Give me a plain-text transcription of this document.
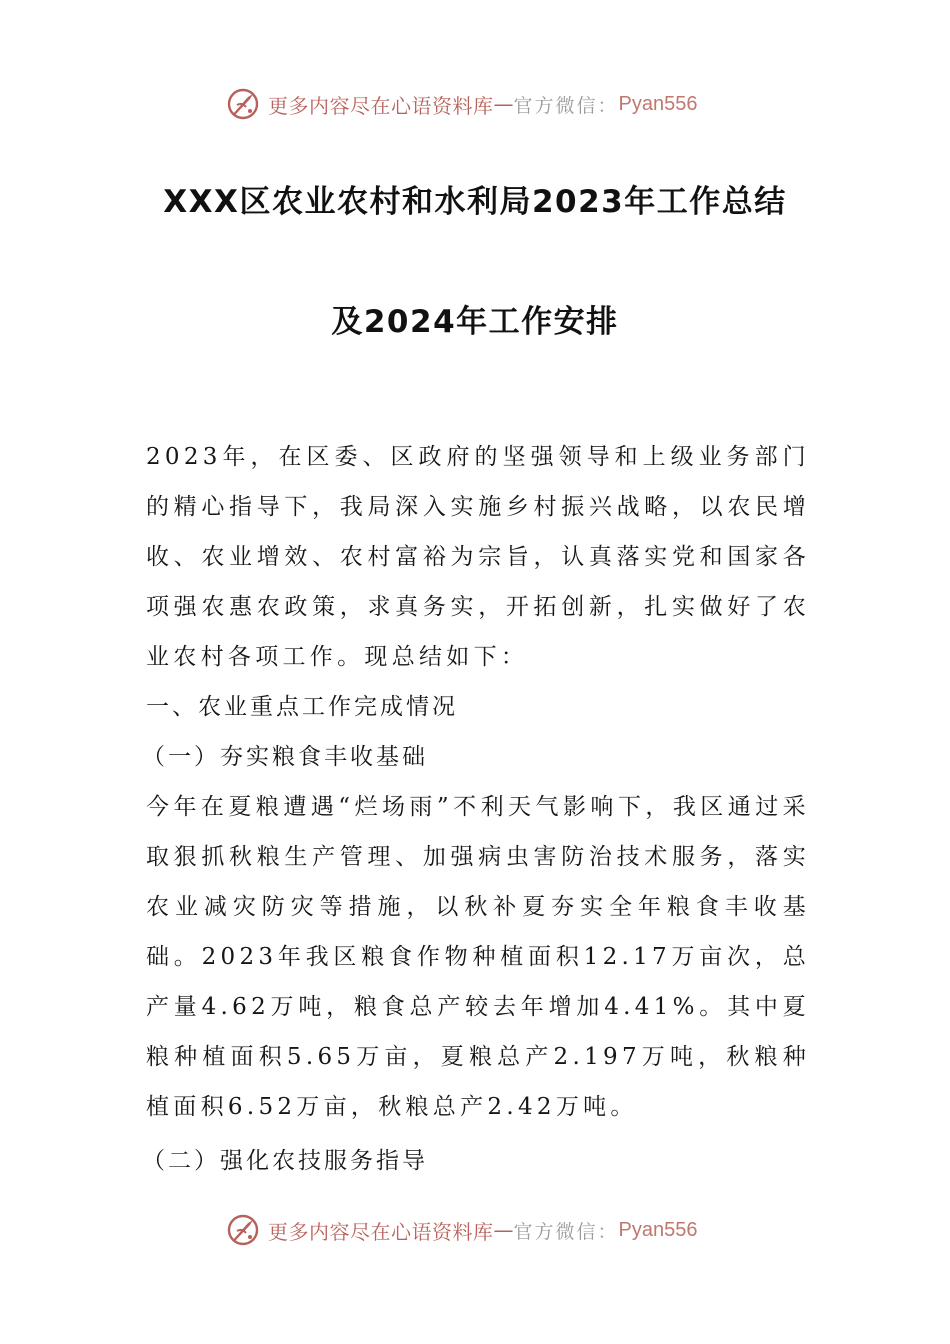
更多内容尽在心语资料库 — 官方微信： Pyan556
XXX区农业农村和水利局2023年工作总结
及2024年工作安排

2023年，在区委、区政府的坚强领导和上级业务部门的精心指导下，我局深入实施乡村振兴战略，以农民增收、农业增效、农村富裕为宗旨，认真落实党和国家各项强农惠农政策，求真务实，开拓创新，扎实做好了农业农村各项工作。现总结如下：

一、农业重点工作完成情况

（一）夯实粮食丰收基础

今年在夏粮遭遇“烂场雨”不利天气影响下，我区通过采取狠抓秋粮生产管理、加强病虫害防治技术服务，落实农业减灾防灾等措施，以秋补夏夯实全年粮食丰收基础。2023年我区粮食作物种植面积12.17万亩次，总产量4.62万吨，粮食总产较去年增加4.41%。其中夏粮种植面积5.65万亩，夏粮总产2.197万吨，秋粮种植面积6.52万亩，秋粮总产2.42万吨。

（二）强化农技服务指导

更多内容尽在心语资料库 — 官方微信： Pyan556
